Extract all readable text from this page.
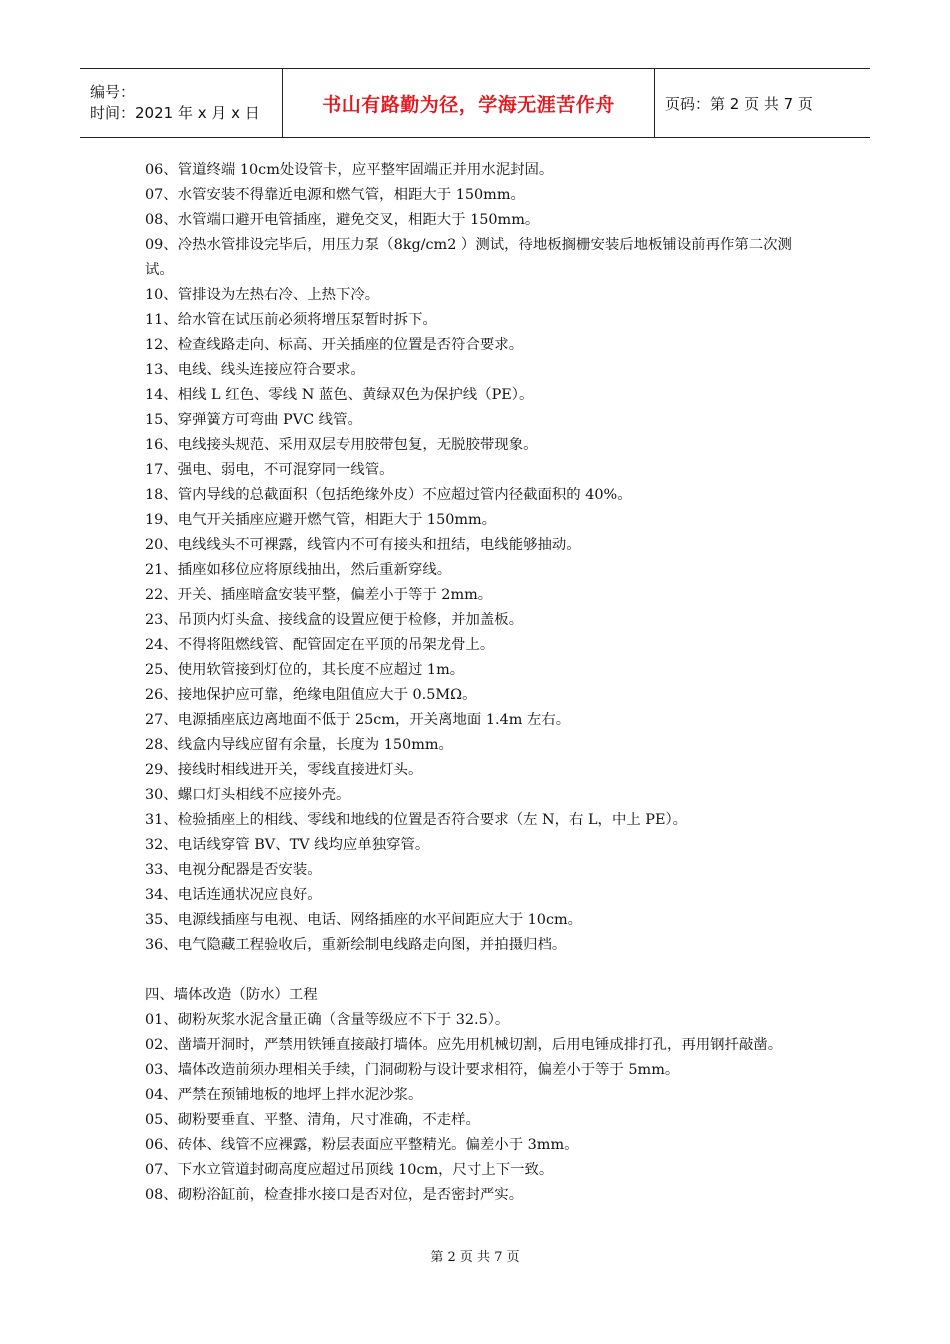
编号：
时间：2021 年 x 月 x 日	书山有路勤为径，学海无涯苦作舟	页码：第 2 页 共 7 页
06、管道终端 10cm处设管卡，应平整牢固端正并用水泥封固。
07、水管安装不得靠近电源和燃气管，相距大于 150mm。
08、水管端口避开电管插座，避免交叉，相距大于 150mm。
09、冷热水管排设完毕后，用压力泵（8kg/cm2 ）测试，待地板搁栅安装后地板铺设前再作第二次测试。
10、管排设为左热右冷、上热下冷。
11、给水管在试压前必须将增压泵暂时拆下。
12、检查线路走向、标高、开关插座的位置是否符合要求。
13、电线、线头连接应符合要求。
14、相线 L 红色、零线 N 蓝色、黄绿双色为保护线（PE）。
15、穿弹簧方可弯曲 PVC 线管。
16、电线接头规范、采用双层专用胶带包复，无脱胶带现象。
17、强电、弱电，不可混穿同一线管。
18、管内导线的总截面积（包括绝缘外皮）不应超过管内径截面积的 40%。
19、电气开关插座应避开燃气管，相距大于 150mm。
20、电线线头不可裸露，线管内不可有接头和扭结，电线能够抽动。
21、插座如移位应将原线抽出，然后重新穿线。
22、开关、插座暗盒安装平整，偏差小于等于 2mm。
23、吊顶内灯头盒、接线盒的设置应便于检修，并加盖板。
24、不得将阻燃线管、配管固定在平顶的吊架龙骨上。
25、使用软管接到灯位的，其长度不应超过 1m。
26、接地保护应可靠，绝缘电阻值应大于 0.5MΩ。
27、电源插座底边离地面不低于 25cm，开关离地面 1.4m 左右。
28、线盒内导线应留有余量，长度为 150mm。
29、接线时相线进开关，零线直接进灯头。
30、螺口灯头相线不应接外壳。
31、检验插座上的相线、零线和地线的位置是否符合要求（左 N，右 L，中上 PE）。
32、电话线穿管 BV、TV 线均应单独穿管。
33、电视分配器是否安装。
34、电话连通状况应良好。
35、电源线插座与电视、电话、网络插座的水平间距应大于 10cm。
36、电气隐藏工程验收后，重新绘制电线路走向图，并拍摄归档。
四、墙体改造（防水）工程
01、砌粉灰浆水泥含量正确（含量等级应不下于 32.5）。
02、凿墙开洞时，严禁用铁锤直接敲打墙体。应先用机械切割，后用电锤成排打孔，再用钢扦敲凿。
03、墙体改造前须办理相关手续，门洞砌粉与设计要求相符，偏差小于等于 5mm。
04、严禁在预铺地板的地坪上拌水泥沙浆。
05、砌粉要垂直、平整、清角，尺寸准确，不走样。
06、砖体、线管不应裸露，粉层表面应平整精光。偏差小于 3mm。
07、下水立管道封砌高度应超过吊顶线 10cm，尺寸上下一致。
08、砌粉浴缸前，检查排水接口是否对位，是否密封严实。
第 2 页 共 7 页
